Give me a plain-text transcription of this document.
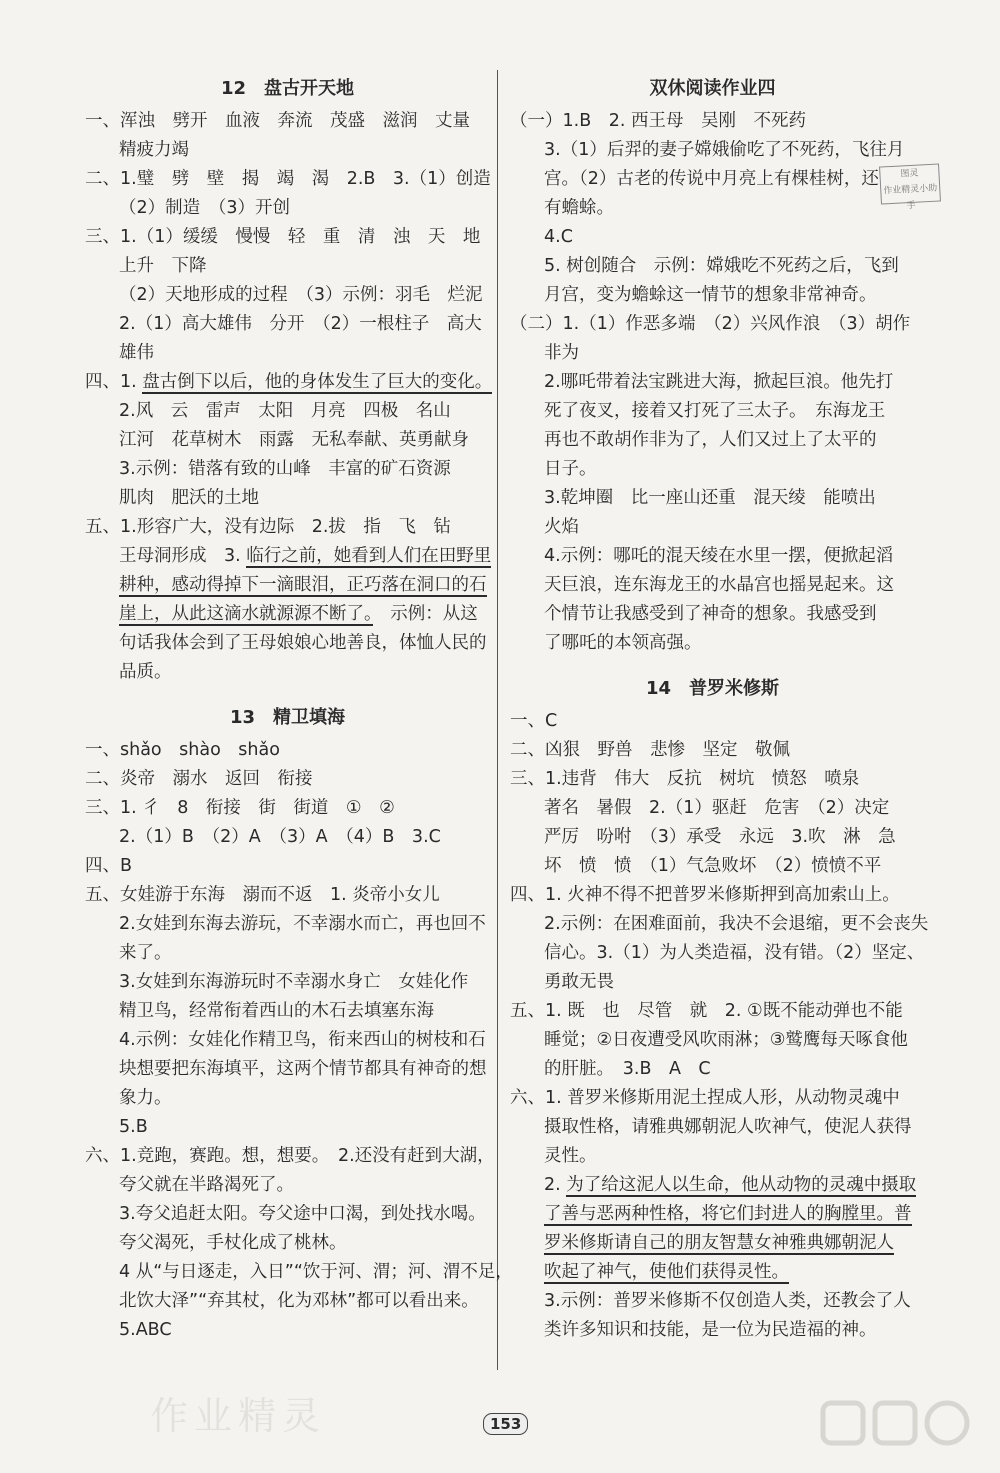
12　盘古开天地
一、浑浊　劈开　血液　奔流　茂盛　滋润　丈量
精疲力竭
二、1.璧　劈　壁　揭　竭　渴　2.B　3.（1）创造
（2）制造　（3）开创
三、1.（1）缓缓　慢慢　轻　重　清　浊　天　地
上升　下降
（2）天地形成的过程　（3）示例：羽毛　烂泥
2.（1）高大雄伟　分开　（2）一根柱子　高大
雄伟
四、1. 盘古倒下以后，他的身体发生了巨大的变化。
2.风　云　雷声　太阳　月亮　四极　名山
江河　花草树木　雨露　无私奉献、英勇献身
3.示例：错落有致的山峰　丰富的矿石资源
肌肉　肥沃的土地
五、1.形容广大，没有边际　2.拔　指　飞　钻
王母洞形成　3. 临行之前，她看到人们在田野里
耕种，感动得掉下一滴眼泪，正巧落在洞口的石
崖上，从此这滴水就源源不断了。　示例：从这
句话我体会到了王母娘娘心地善良，体恤人民的
品质。
13　精卫填海
一、shǎo　shào　shǎo
二、炎帝　溺水　返回　衔接
三、1. 彳　8　衔接　街　街道　①　②
2.（1）B　（2）A　（3）A　（4）B　3.C
四、B
五、女娃游于东海　溺而不返　1. 炎帝小女儿
2.女娃到东海去游玩，不幸溺水而亡，再也回不
来了。
3.女娃到东海游玩时不幸溺水身亡　女娃化作
精卫鸟，经常衔着西山的木石去填塞东海
4.示例：女娃化作精卫鸟，衔来西山的树枝和石
块想要把东海填平，这两个情节都具有神奇的想
象力。
5.B
六、1.竞跑，赛跑。想，想要。　2.还没有赶到大湖，
夸父就在半路渴死了。
3.夸父追赶太阳。夸父途中口渴，到处找水喝。
夸父渴死，手杖化成了桃林。
4 从“与日逐走，入日”“饮于河、渭；河、渭不足，
北饮大泽”“弃其杖，化为邓林”都可以看出来。
5.ABC
双休阅读作业四
（一）1.B　2. 西王母　吴刚　不死药
3.（1）后羿的妻子嫦娥偷吃了不死药，飞往月
宫。（2）古老的传说中月亮上有棵桂树，还
有蟾蜍。
4.C
5. 树创随合　示例：嫦娥吃不死药之后，飞到
月宫，变为蟾蜍这一情节的想象非常神奇。
（二）1.（1）作恶多端　（2）兴风作浪　（3）胡作
非为
2.哪吒带着法宝跳进大海，掀起巨浪。他先打
死了夜叉，接着又打死了三太子。　东海龙王
再也不敢胡作非为了，人们又过上了太平的
日子。
3.乾坤圈　比一座山还重　混天绫　能喷出
火焰
4.示例：哪吒的混天绫在水里一摆，便掀起滔
天巨浪，连东海龙王的水晶宫也摇晃起来。这
个情节让我感受到了神奇的想象。我感受到
了哪吒的本领高强。
14　普罗米修斯
一、C
二、凶狠　野兽　悲惨　坚定　敬佩
三、1.违背　伟大　反抗　树坑　愤怒　喷泉
著名　暑假　2.（1）驱赶　危害　（2）决定
严厉　吩咐　（3）承受　永远　3.吹　淋　急
坏　愤　愤　（1）气急败坏　（2）愤愤不平
四、1. 火神不得不把普罗米修斯押到高加索山上。
2.示例：在困难面前，我决不会退缩，更不会丧失
信心。3.（1）为人类造福，没有错。（2）坚定、
勇敢无畏
五、1. 既　也　尽管　就　2. ①既不能动弹也不能
睡觉；②日夜遭受风吹雨淋；③鹫鹰每天啄食他
的肝脏。　3.B　A　C
六、1. 普罗米修斯用泥土捏成人形，从动物灵魂中
摄取性格，请雅典娜朝泥人吹神气，使泥人获得
灵性。
2. 为了给这泥人以生命，他从动物的灵魂中摄取
了善与恶两种性格，将它们封进人的胸膛里。普
罗米修斯请自己的朋友智慧女神雅典娜朝泥人
吹起了神气，使他们获得灵性。
3.示例：普罗米修斯不仅创造人类，还教会了人
类许多知识和技能，是一位为民造福的神。
图灵
作业精灵小助手
作业精灵	153
